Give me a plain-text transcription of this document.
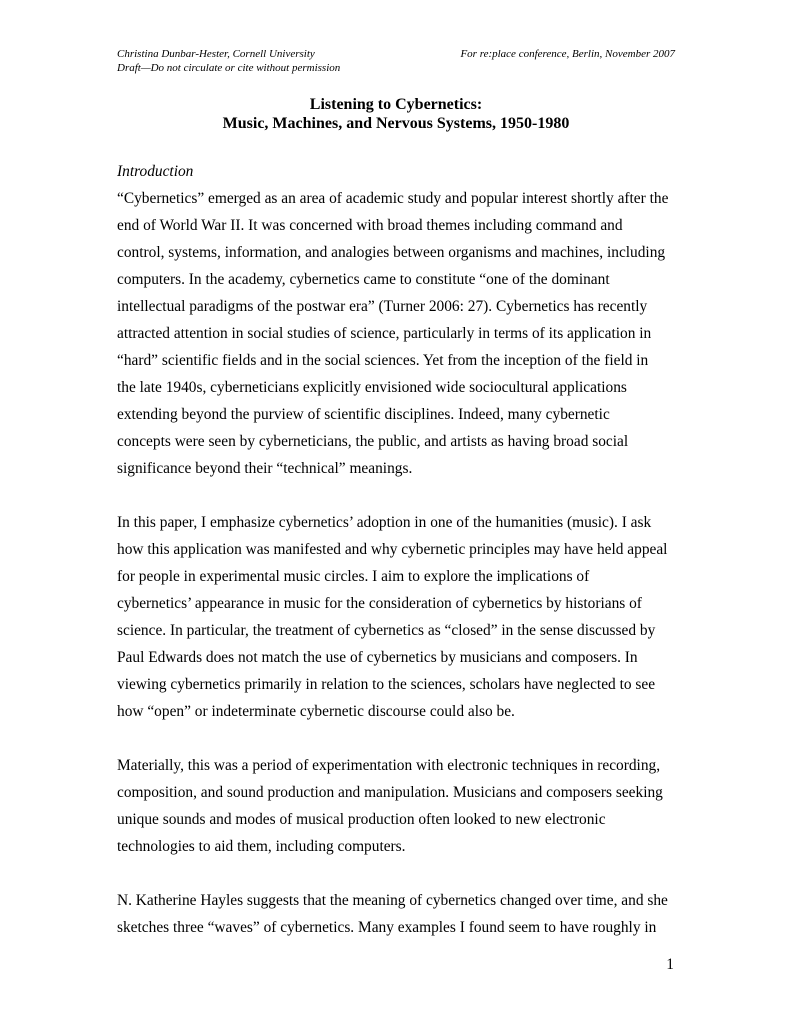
Christina Dunbar-Hester, Cornell University	For re:place conference, Berlin, November 2007
Draft—Do not circulate or cite without permission
Listening to Cybernetics:
Music, Machines, and Nervous Systems, 1950-1980

Introduction

“Cybernetics” emerged as an area of academic study and popular interest shortly after the
end of World War II. It was concerned with broad themes including command and
control, systems, information, and analogies between organisms and machines, including
computers. In the academy, cybernetics came to constitute “one of the dominant
intellectual paradigms of the postwar era” (Turner 2006: 27). Cybernetics has recently
attracted attention in social studies of science, particularly in terms of its application in
“hard” scientific fields and in the social sciences. Yet from the inception of the field in
the late 1940s, cyberneticians explicitly envisioned wide sociocultural applications
extending beyond the purview of scientific disciplines. Indeed, many cybernetic
concepts were seen by cyberneticians, the public, and artists as having broad social
significance beyond their “technical” meanings.

In this paper, I emphasize cybernetics’ adoption in one of the humanities (music). I ask
how this application was manifested and why cybernetic principles may have held appeal
for people in experimental music circles. I aim to explore the implications of
cybernetics’ appearance in music for the consideration of cybernetics by historians of
science. In particular, the treatment of cybernetics as “closed” in the sense discussed by
Paul Edwards does not match the use of cybernetics by musicians and composers. In
viewing cybernetics primarily in relation to the sciences, scholars have neglected to see
how “open” or indeterminate cybernetic discourse could also be.

Materially, this was a period of experimentation with electronic techniques in recording,
composition, and sound production and manipulation. Musicians and composers seeking
unique sounds and modes of musical production often looked to new electronic
technologies to aid them, including computers.

N. Katherine Hayles suggests that the meaning of cybernetics changed over time, and she
sketches three “waves” of cybernetics. Many examples I found seem to have roughly in

1
